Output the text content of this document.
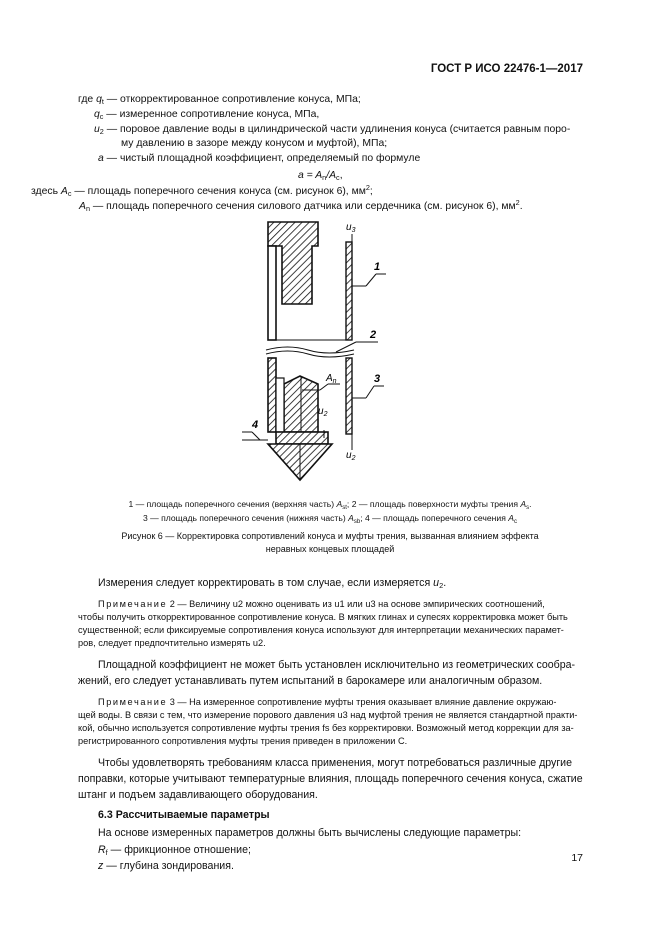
ГОСТ Р ИСО 22476-1—2017
где $q_t$ — откорректированное сопротивление конуса, МПа;
$q_c$ — измеренное сопротивление конуса, МПа,
$u_2$ — поровое давление воды в цилиндрической части удлинения конуса (считается равным поро-
му давлению в зазоре между конусом и муфтой), МПа;
a — чистый площадной коэффициент, определяемый по формуле
$a = A_n/A_c$,
здесь $A_c$ — площадь поперечного сечения конуса (см. рисунок 6), $мм^2$;
$A_n$ — площадь поперечного сечения силового датчика или сердечника (см. рисунок 6), $мм^2$.
$u_3$
1
2
3
4
$A_n$
$u_2$
$u_2$
1 — площадь поперечного сечения (верхняя часть) $A_{st}$; 2 — площадь поверхности муфты трения $A_s$.
3 — площадь поперечного сечения (нижняя часть) $A_{sb}$; 4 — площадь поперечного сечения $A_c$
Рисунок 6 — Корректировка сопротивлений конуса и муфты трения, вызванная влиянием эффекта
неравных концевых площадей
Измерения следует корректировать в том случае, если измеряется $u_2$.
Примечание 2 — Величину u2 можно оценивать из u1 или u3 на основе эмпирических соотношений,
чтобы получить откорректированное сопротивление конуса. В мягких глинах и супесях корректировка может быть
существенной; если фиксируемые сопротивления конуса используют для интерпретации механических парамет-
ров, следует предпочтительно измерять u2.
Площадной коэффициент не может быть установлен исключительно из геометрических сообра-
жений, его следует устанавливать путем испытаний в барокамере или аналогичным образом.
Примечание 3 — На измеренное сопротивление муфты трения оказывает влияние давление окружаю-
щей воды. В связи с тем, что измерение порового давления u3 над муфтой трения не является стандартной практи-
кой, обычно используется сопротивление муфты трения fs без корректировки. Возможный метод коррекции для за-
регистрированного сопротивления муфты трения приведен в приложении С.
Чтобы удовлетворять требованиям класса применения, могут потребоваться различные другие
поправки, которые учитывают температурные влияния, площадь поперечного сечения конуса, сжатие
штанг и подъем задавливающего оборудования.
6.3 Рассчитываемые параметры
На основе измеренных параметров должны быть вычислены следующие параметры:
$R_f$ — фрикционное отношение;
z — глубина зондирования.
17
